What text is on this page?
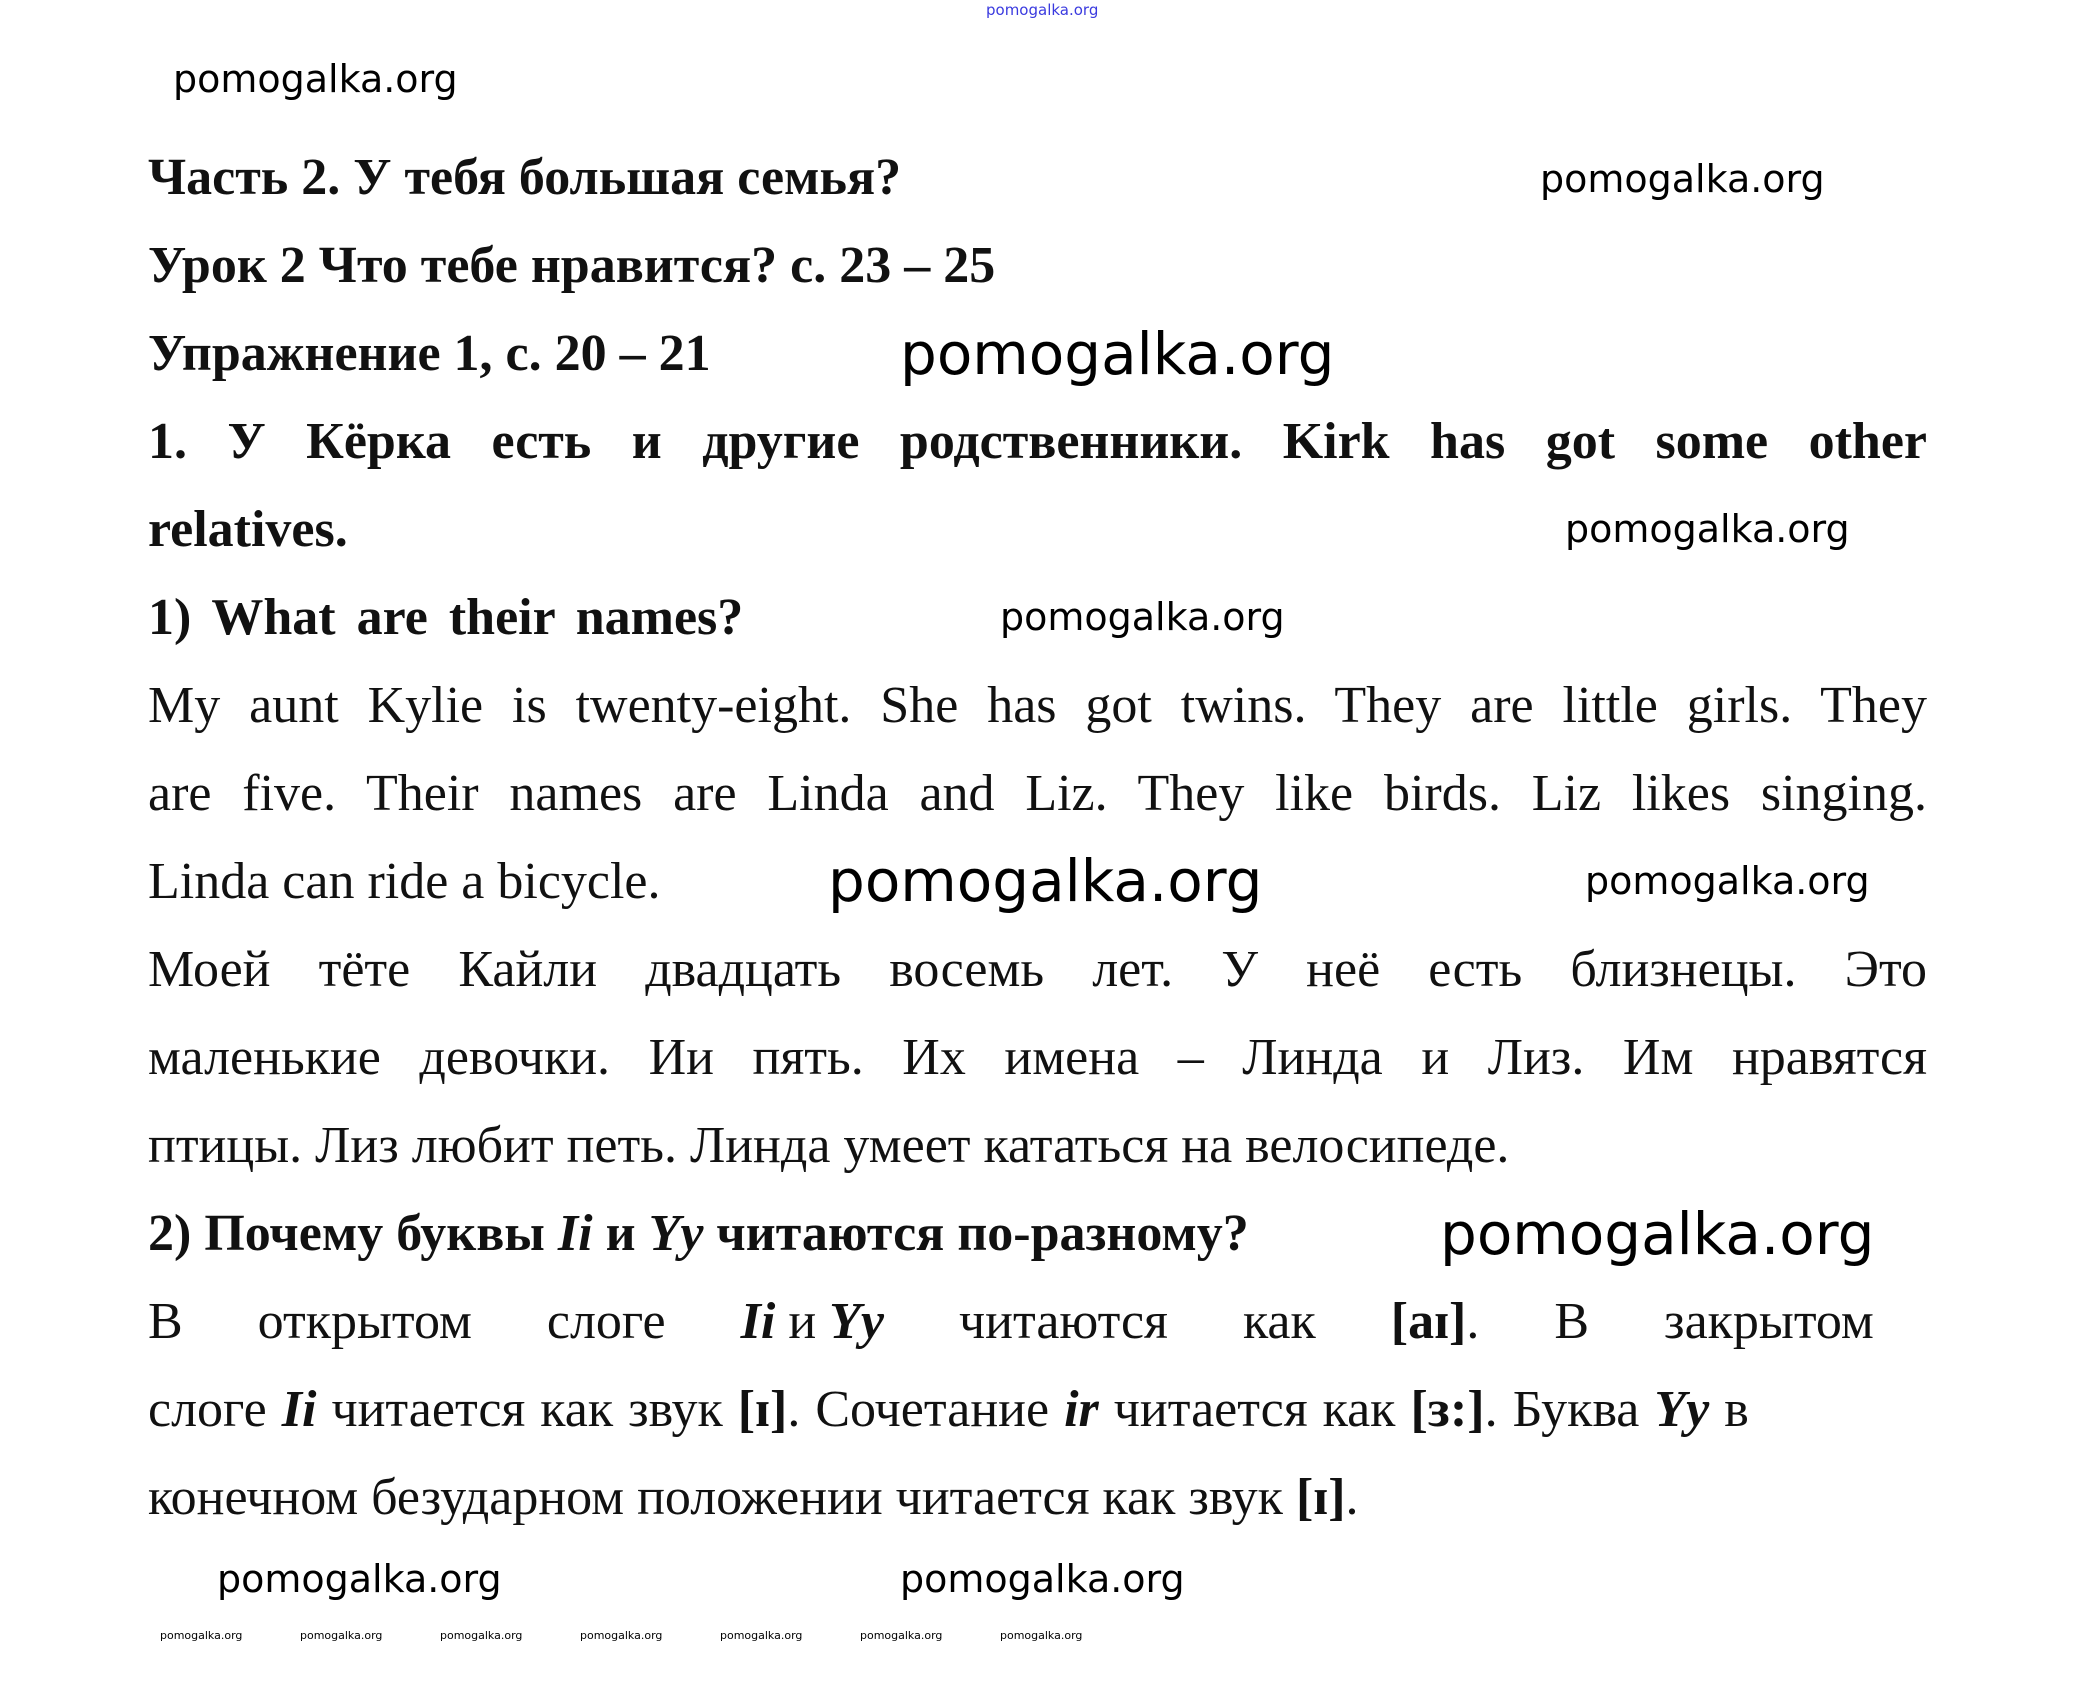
pomogalka.org
Часть 2. У тебя большая семья?
Урок 2 Что тебе нравится? с. 23 – 25
Упражнение 1, с. 20 – 21
1. У Кёрка есть и другие родственники. Kirk has got some other
relatives.
1) What are their names?
My aunt Kylie is twenty-eight. She has got twins. They are little girls. They
are five. Their names are Linda and Liz. They like birds. Liz likes singing.
Linda can ride a bicycle.
Моей тёте Кайли двадцать восемь лет. У неё есть близнецы. Это
маленькие девочки. Ии пять. Их имена – Линда и Лиз. Им нравятся
птицы. Лиз любит петь. Линда умеет кататься на велосипеде.
2) Почему буквы Ii и Yy читаются по-разному?
В открытом слоге Ii и Yy читаются как [aɪ]. В закрытом
слоге Ii читается как звук [ɪ]. Сочетание ir читается как [ɜ:]. Буква Yy в
конечном безударном положении читается как звук [ɪ].
pomogalka.org
pomogalka.org
pomogalka.org
pomogalka.org
pomogalka.org
pomogalka.org
pomogalka.org
pomogalka.org
pomogalka.org
pomogalka.org
pomogalka.org	pomogalka.org	pomogalka.org	pomogalka.org	pomogalka.org	pomogalka.org	pomogalka.org
